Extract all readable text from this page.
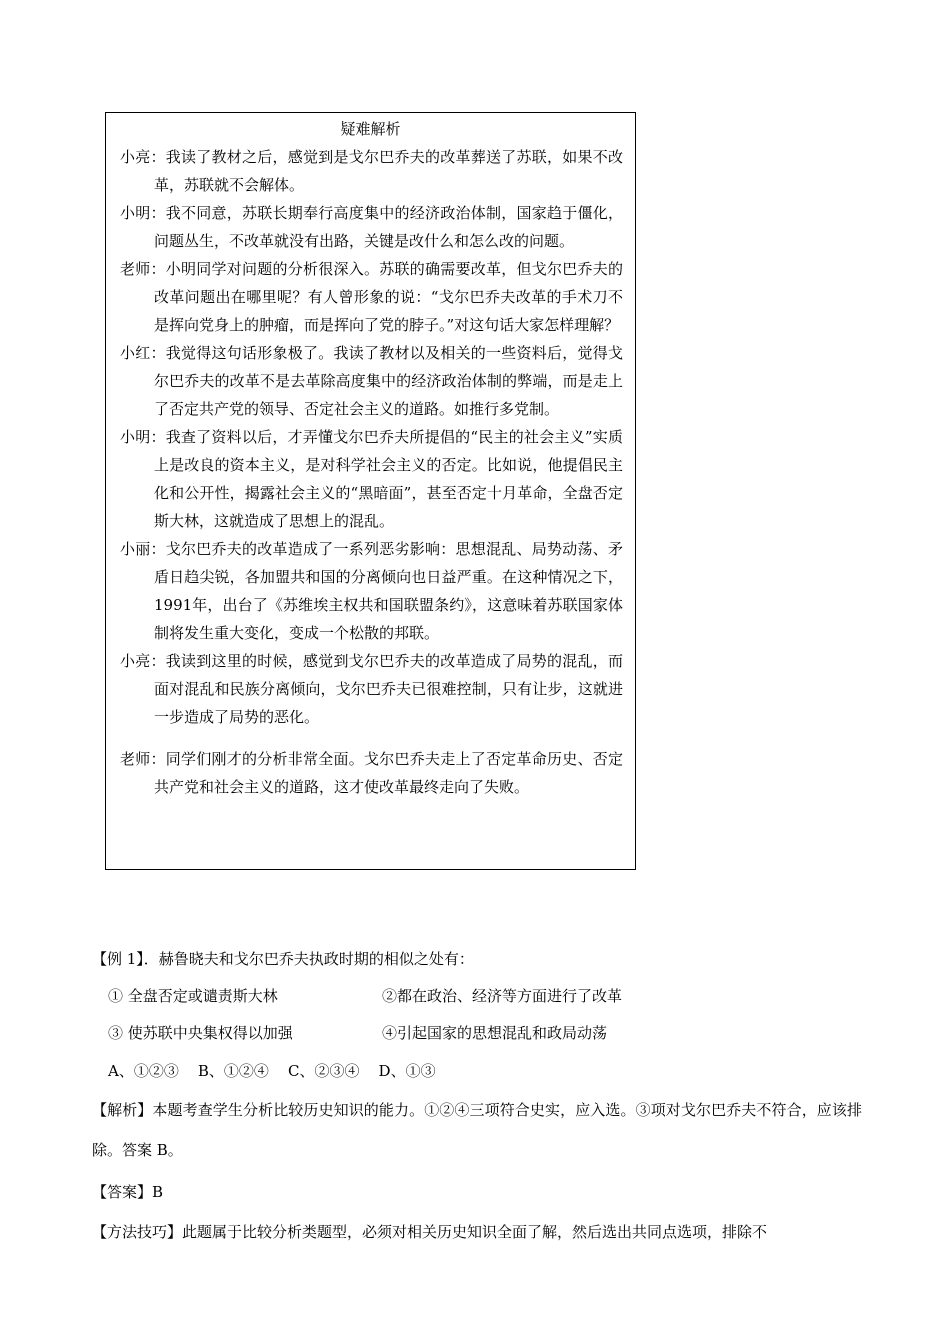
疑难解析

小亮：我读了教材之后，感觉到是戈尔巴乔夫的改革葬送了苏联，如果不改革，苏联就不会解体。

小明：我不同意，苏联长期奉行高度集中的经济政治体制，国家趋于僵化，问题丛生，不改革就没有出路，关键是改什么和怎么改的问题。

老师：小明同学对问题的分析很深入。苏联的确需要改革，但戈尔巴乔夫的改革问题出在哪里呢？有人曾形象的说：“戈尔巴乔夫改革的手术刀不是挥向党身上的肿瘤，而是挥向了党的脖子。”对这句话大家怎样理解？

小红：我觉得这句话形象极了。我读了教材以及相关的一些资料后，觉得戈尔巴乔夫的改革不是去革除高度集中的经济政治体制的弊端，而是走上了否定共产党的领导、否定社会主义的道路。如推行多党制。

小明：我查了资料以后，才弄懂戈尔巴乔夫所提倡的“民主的社会主义”实质上是改良的资本主义，是对科学社会主义的否定。比如说，他提倡民主化和公开性，揭露社会主义的“黑暗面”，甚至否定十月革命，全盘否定斯大林，这就造成了思想上的混乱。

小丽：戈尔巴乔夫的改革造成了一系列恶劣影响：思想混乱、局势动荡、矛盾日趋尖锐，各加盟共和国的分离倾向也日益严重。在这种情况之下，1991年，出台了《苏维埃主权共和国联盟条约》，这意味着苏联国家体制将发生重大变化，变成一个松散的邦联。

小亮：我读到这里的时候，感觉到戈尔巴乔夫的改革造成了局势的混乱，而面对混乱和民族分离倾向，戈尔巴乔夫已很难控制，只有让步，这就进一步造成了局势的恶化。

老师：同学们刚才的分析非常全面。戈尔巴乔夫走上了否定革命历史、否定共产党和社会主义的道路，这才使改革最终走向了失败。

【例 1】．赫鲁晓夫和戈尔巴乔夫执政时期的相似之处有：
① 全盘否定或谴责斯大林	②都在政治、经济等方面进行了改革
③ 使苏联中央集权得以加强	④引起国家的思想混乱和政局动荡
A、①②③    B、①②④    C、②③④    D、①③
【解析】本题考查学生分析比较历史知识的能力。①②④三项符合史实，应入选。③项对戈尔巴乔夫不符合，应该排除。答案 B。
【答案】B
【方法技巧】此题属于比较分析类题型，必须对相关历史知识全面了解，然后选出共同点选项，排除不
